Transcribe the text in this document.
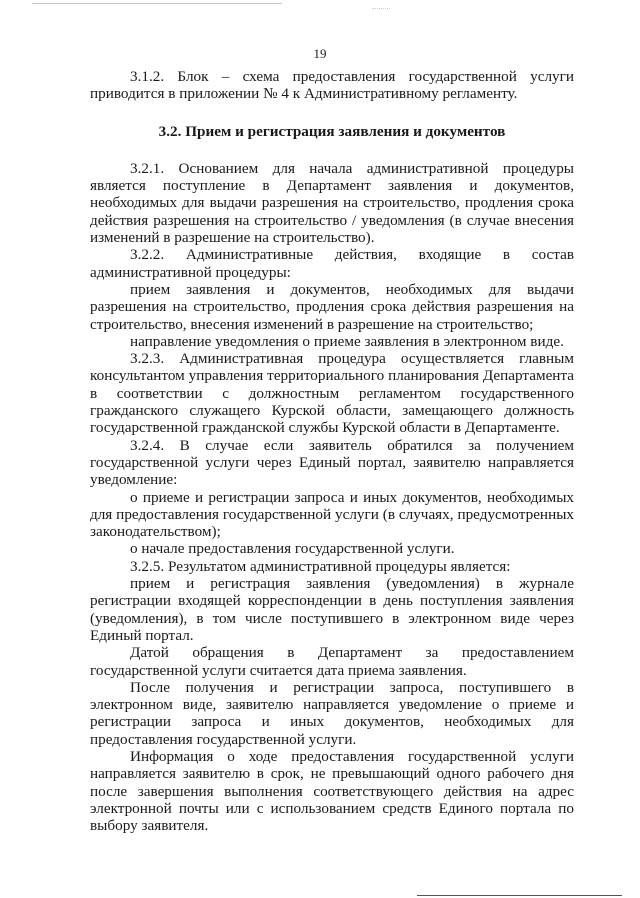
19

3.1.2. Блок – схема предоставления государственной услуги приводится в приложении № 4 к Административному регламенту.

3.2. Прием и регистрация заявления и документов

3.2.1. Основанием для начала административной процедуры является поступление в Департамент заявления и документов, необходимых для выдачи разрешения на строительство, продления срока действия разрешения на строительство / уведомления (в случае внесения изменений в разрешение на строительство).

3.2.2. Административные действия, входящие в состав административной процедуры:

прием заявления и документов, необходимых для выдачи разрешения на строительство, продления срока действия разрешения на строительство, внесения изменений в разрешение на строительство;

направление уведомления о приеме заявления в электронном виде.

3.2.3. Административная процедура осуществляется главным консультантом управления территориального планирования Департамента в соответствии с должностным регламентом государственного гражданского служащего Курской области, замещающего должность государственной гражданской службы Курской области в Департаменте.

3.2.4. В случае если заявитель обратился за получением государственной услуги через Единый портал, заявителю направляется уведомление:

о приеме и регистрации запроса и иных документов, необходимых для предоставления государственной услуги (в случаях, предусмотренных законодательством);

о начале предоставления государственной услуги.

3.2.5. Результатом административной процедуры является:

прием и регистрация заявления (уведомления) в журнале регистрации входящей корреспонденции в день поступления заявления (уведомления), в том числе поступившего в электронном виде через Единый портал.

Датой обращения в Департамент за предоставлением государственной услуги считается дата приема заявления.

После получения и регистрации запроса, поступившего в электронном виде, заявителю направляется уведомление о приеме и регистрации запроса и иных документов, необходимых для предоставления государственной услуги.

Информация о ходе предоставления государственной услуги направляется заявителю в срок, не превышающий одного рабочего дня после завершения выполнения соответствующего действия на адрес электронной почты или с использованием средств Единого портала по выбору заявителя.
